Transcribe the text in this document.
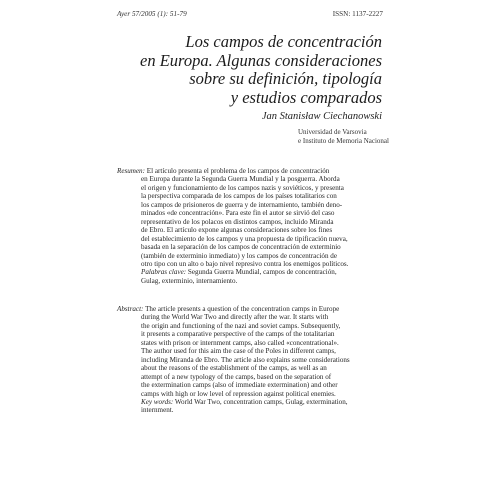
Ayer 57/2005 (1): 51-79	ISSN: 1137-2227
Los campos de concentración
en Europa. Algunas consideraciones
sobre su definición, tipología
y estudios comparados
Jan Stanisław Ciechanowski
Universidad de Varsovia
e Instituto de Memoria Nacional
Resumen: El artículo presenta el problema de los campos de concentración
en Europa durante la Segunda Guerra Mundial y la posguerra. Aborda
el origen y funcionamiento de los campos nazis y soviéticos, y presenta
la perspectiva comparada de los campos de los países totalitarios con
los campos de prisioneros de guerra y de internamiento, también deno-
minados «de concentración». Para este fin el autor se sirvió del caso
representativo de los polacos en distintos campos, incluido Miranda
de Ebro. El artículo expone algunas consideraciones sobre los fines
del establecimiento de los campos y una propuesta de tipificación nueva,
basada en la separación de los campos de concentración de exterminio
(también de exterminio inmediato) y los campos de concentración de
otro tipo con un alto o bajo nivel represivo contra los enemigos políticos.
Palabras clave: Segunda Guerra Mundial, campos de concentración,
Gulag, exterminio, internamiento.
Abstract: The article presents a question of the concentration camps in Europe
during the World War Two and directly after the war. It starts with
the origin and functioning of the nazi and soviet camps. Subsequently,
it presents a comparative perspective of the camps of the totalitarian
states with prison or internment camps, also called «concentrational».
The author used for this aim the case of the Poles in different camps,
including Miranda de Ebro. The article also explains some considerations
about the reasons of the establishment of the camps, as well as an
attempt of a new typology of the camps, based on the separation of
the extermination camps (also of immediate extermination) and other
camps with high or low level of repression against political enemies.
Key words: World War Two, concentration camps, Gulag, extermination,
internment.
